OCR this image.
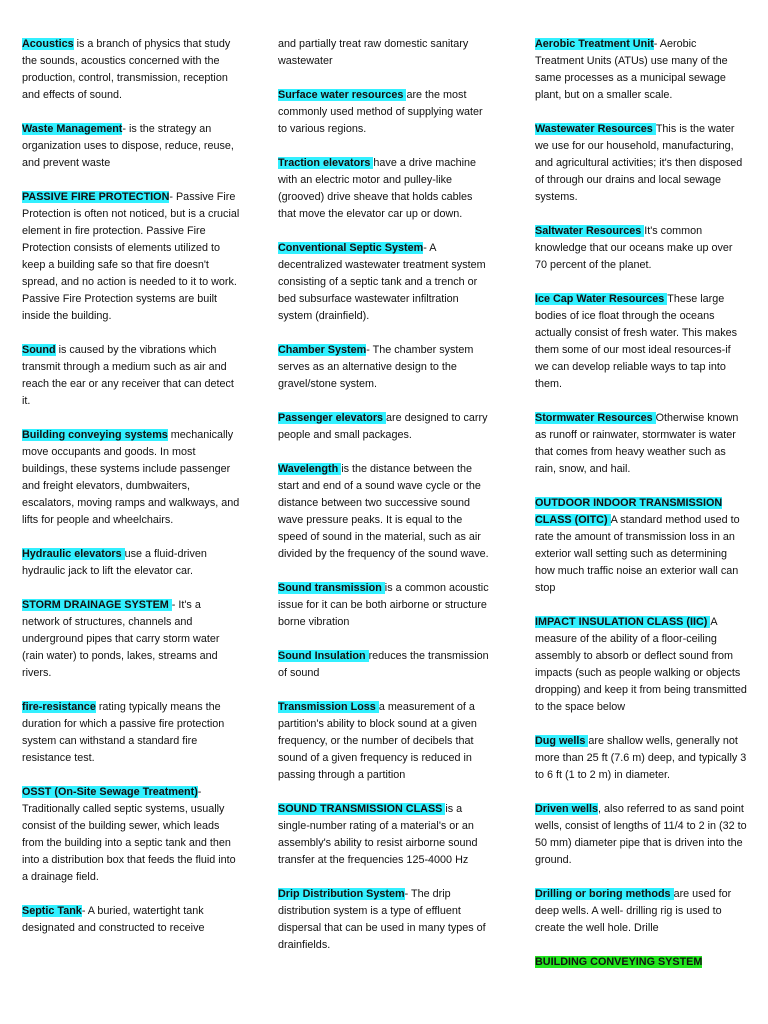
Acoustics is a branch of physics that study the sounds, acoustics concerned with the production, control, transmission, reception and effects of sound.

Waste Management- is the strategy an organization uses to dispose, reduce, reuse, and prevent waste

PASSIVE FIRE PROTECTION- Passive Fire Protection is often not noticed, but is a crucial element in fire protection. Passive Fire Protection consists of elements utilized to keep a building safe so that fire doesn't spread, and no action is needed to it to work. Passive Fire Protection systems are built inside the building.

Sound is caused by the vibrations which transmit through a medium such as air and reach the ear or any receiver that can detect it.

Building conveying systems mechanically move occupants and goods. In most buildings, these systems include passenger and freight elevators, dumbwaiters, escalators, moving ramps and walkways, and lifts for people and wheelchairs.

Hydraulic elevators use a fluid-driven hydraulic jack to lift the elevator car.

STORM DRAINAGE SYSTEM - It's a network of structures, channels and underground pipes that carry storm water (rain water) to ponds, lakes, streams and rivers.

fire-resistance rating typically means the duration for which a passive fire protection system can withstand a standard fire resistance test.

OSST (On-Site Sewage Treatment)- Traditionally called septic systems, usually consist of the building sewer, which leads from the building into a septic tank and then into a distribution box that feeds the fluid into a drainage field.

Septic Tank- A buried, watertight tank designated and constructed to receive

and partially treat raw domestic sanitary wastewater

Surface water resources are the most commonly used method of supplying water to various regions.

Traction elevators have a drive machine with an electric motor and pulley-like (grooved) drive sheave that holds cables that move the elevator car up or down.

Conventional Septic System- A decentralized wastewater treatment system consisting of a septic tank and a trench or bed subsurface wastewater infiltration system (drainfield).

Chamber System- The chamber system serves as an alternative design to the gravel/stone system.

Passenger elevators are designed to carry people and small packages.

Wavelength is the distance between the start and end of a sound wave cycle or the distance between two successive sound wave pressure peaks. It is equal to the speed of sound in the material, such as air divided by the frequency of the sound wave.

Sound transmission is a common acoustic issue for it can be both airborne or structure borne vibration

Sound Insulation reduces the transmission of sound

Transmission Loss a measurement of a partition's ability to block sound at a given frequency, or the number of decibels that sound of a given frequency is reduced in passing through a partition

SOUND TRANSMISSION CLASS is a single-number rating of a material's or an assembly's ability to resist airborne sound transfer at the frequencies 125-4000 Hz

Drip Distribution System- The drip distribution system is a type of effluent dispersal that can be used in many types of drainfields.

Aerobic Treatment Unit- Aerobic Treatment Units (ATUs) use many of the same processes as a municipal sewage plant, but on a smaller scale.

Wastewater Resources This is the water we use for our household, manufacturing, and agricultural activities; it's then disposed of through our drains and local sewage systems.

Saltwater Resources It's common knowledge that our oceans make up over 70 percent of the planet.

Ice Cap Water Resources These large bodies of ice float through the oceans actually consist of fresh water. This makes them some of our most ideal resources-if we can develop reliable ways to tap into them.

Stormwater Resources Otherwise known as runoff or rainwater, stormwater is water that comes from heavy weather such as rain, snow, and hail.

OUTDOOR INDOOR TRANSMISSION CLASS (OITC) A standard method used to rate the amount of transmission loss in an exterior wall setting such as determining how much traffic noise an exterior wall can stop

IMPACT INSULATION CLASS (IIC) A measure of the ability of a floor-ceiling assembly to absorb or deflect sound from impacts (such as people walking or objects dropping) and keep it from being transmitted to the space below

Dug wells are shallow wells, generally not more than 25 ft (7.6 m) deep, and typically 3 to 6 ft (1 to 2 m) in diameter.

Driven wells, also referred to as sand point wells, consist of lengths of 11/4 to 2 in (32 to 50 mm) diameter pipe that is driven into the ground.

Drilling or boring methods are used for deep wells. A well- drilling rig is used to create the well hole. Drille

BUILDING CONVEYING SYSTEM
